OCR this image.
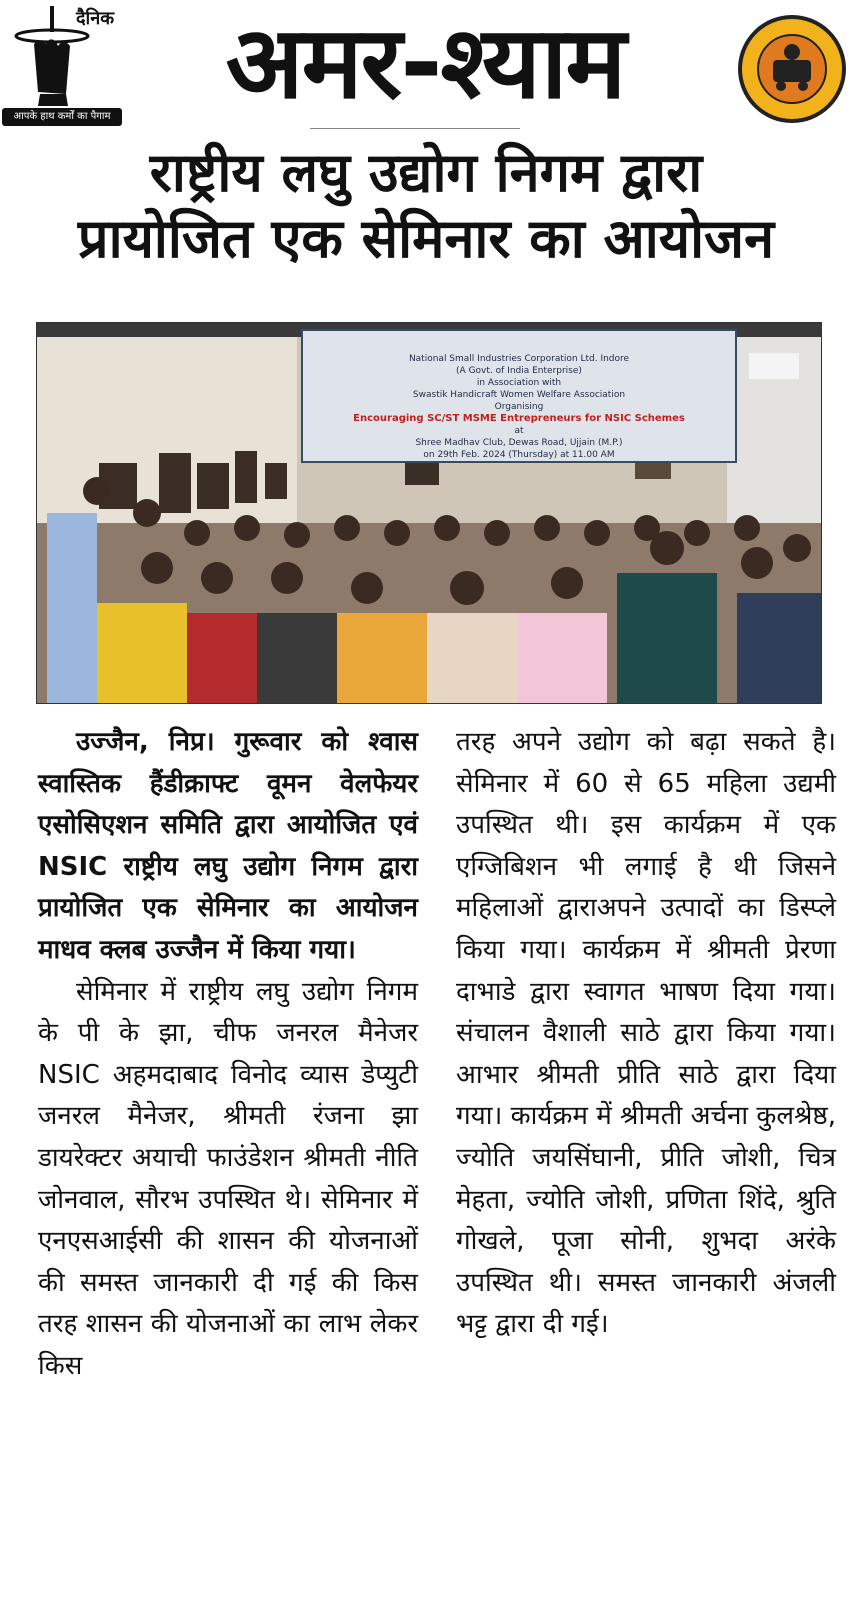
दैनिक
आपके हाथ कर्मों का पैगाम	अमर-श्याम
राष्ट्रीय लघु उद्योग निगम द्वारा
प्रायोजित एक सेमिनार का आयोजन
National Small Industries Corporation Ltd. Indore
(A Govt. of India Enterprise)
in Association with
Swastik Handicraft Women Welfare Association
Organising
Encouraging SC/ST MSME Entrepreneurs for NSIC Schemes
at
Shree Madhav Club, Dewas Road, Ujjain (M.P.)
on 29th Feb. 2024 (Thursday) at 11.00 AM

उज्जैन, निप्र। गुरूवार को श्वास स्वास्तिक हैंडीक्राफ्ट वूमन वेलफेयर एसोसिएशन समिति द्वारा आयोजित एवं NSIC राष्ट्रीय लघु उद्योग निगम द्वारा प्रायोजित एक सेमिनार का आयोजन माधव क्लब उज्जैन में किया गया।

सेमिनार में राष्ट्रीय लघु उद्योग निगम के पी के झा, चीफ जनरल मैनेजर NSIC अहमदाबाद विनोद व्यास डेप्युटी जनरल मैनेजर, श्रीमती रंजना झा डायरेक्टर अयाची फाउंडेशन श्रीमती नीति जोनवाल, सौरभ उपस्थित थे। सेमिनार में एनएसआईसी की शासन की योजनाओं की समस्त जानकारी दी गई की किस तरह शासन की योजनाओं का लाभ लेकर किस

तरह अपने उद्योग को बढ़ा सकते है। सेमिनार में 60 से 65 महिला उद्यमी उपस्थित थी। इस कार्यक्रम में एक एग्जिबिशन भी लगाई है थी जिसने महिलाओं द्वाराअपने उत्पादों का डिस्प्ले किया गया। कार्यक्रम में श्रीमती प्रेरणा दाभाडे द्वारा स्वागत भाषण दिया गया। संचालन वैशाली साठे द्वारा किया गया। आभार श्रीमती प्रीति साठे द्वारा दिया गया। कार्यक्रम में श्रीमती अर्चना कुलश्रेष्ठ, ज्योति जयसिंघानी, प्रीति जोशी, चित्र मेहता, ज्योति जोशी, प्रणिता शिंदे, श्रुति गोखले, पूजा सोनी, शुभदा अरंके उपस्थित थी। समस्त जानकारी अंजली भट्ट द्वारा दी गई।
